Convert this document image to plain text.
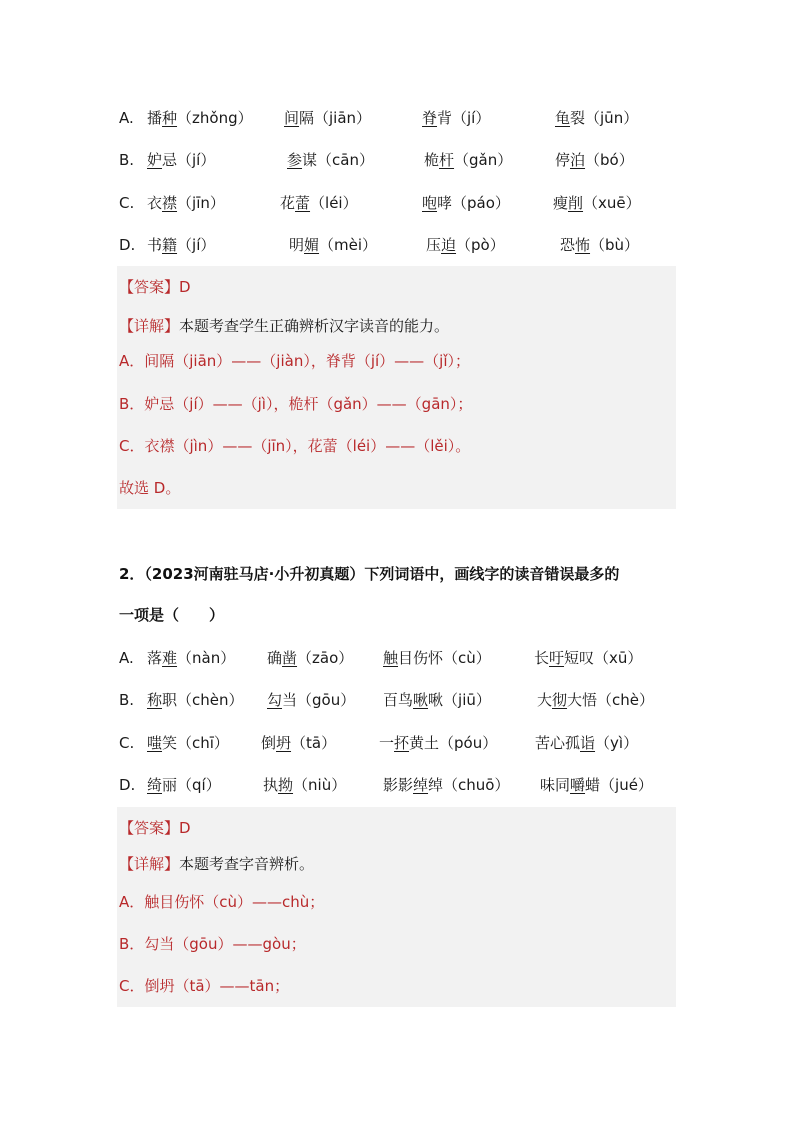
A. 播种（zhǒng） 间隔（jiān）	脊背（jí）	龟裂（jūn）
B. 妒忌（jí）	参谋（cān）	桅杆（gǎn）	停泊（bó）
C. 衣襟（jīn）	花蕾（léi）	咆哮（páo）	瘦削（xuē）
D. 书籍（jí）	明媚（mèi）	压迫（pò）	恐怖（bù）
【答案】D
【详解】本题考查学生正确辨析汉字读音的能力。
A．间隔（jiān）——（jiàn），脊背（jí）——（jǐ）；
B．妒忌（jí）——（jì），桅杆（gǎn）——（gān）；
C．衣襟（jìn）——（jīn），花蕾（léi）——（lěi）。
故选 D。
2．（2023河南驻马店·小升初真题）下列词语中，画线字的读音错误最多的
一项是（　　）
A. 落难（nàn） 确凿（zāo） 触目伤怀（cù）	长吁短叹（xū）
B. 称职（chèn） 勾当（gōu） 百鸟啾啾（jiū）	大彻大悟（chè）
C. 嗤笑（chī） 倒坍（tā）	一抔黄土（póu）	苦心孤诣（yì）
D. 绮丽（qí）	执拗（niù） 影影绰绰（chuō） 味同嚼蜡（jué）
【答案】D
【详解】本题考查字音辨析。
A．触目伤怀（cù）——chù；
B．勾当（gōu）——gòu；
C．倒坍（tā）——tān；
